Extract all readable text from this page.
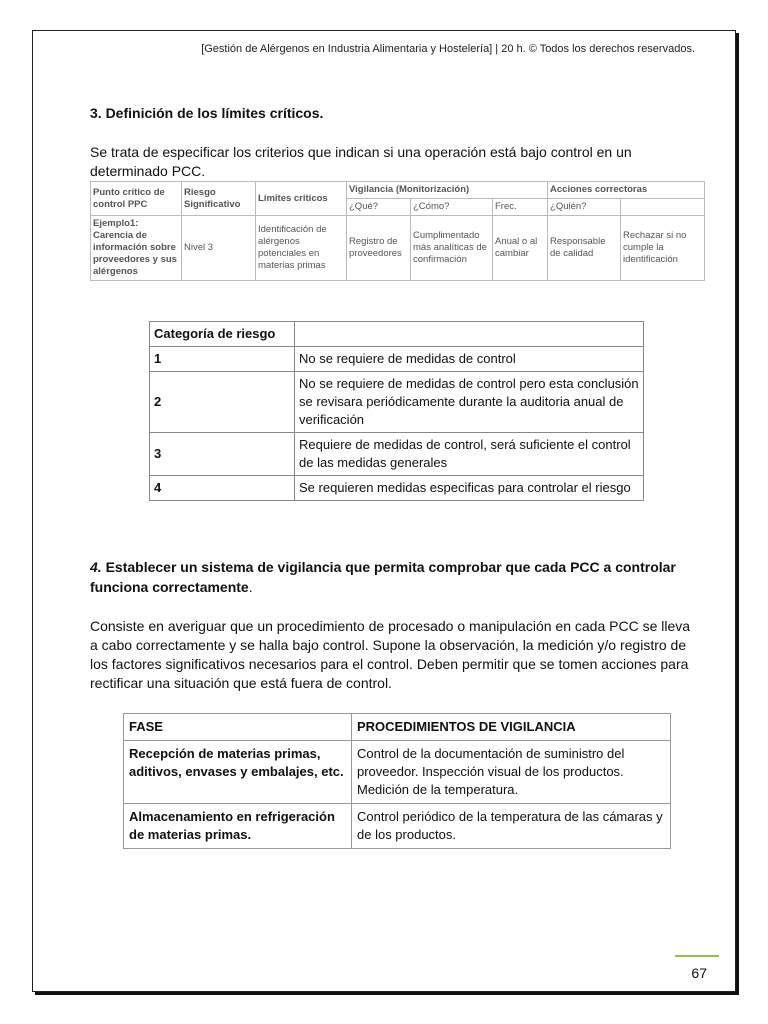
[Gestión de Alérgenos en Industria Alimentaria y Hostelería] | 20 h. © Todos los derechos reservados.

3. Definición de los límites críticos.

Se trata de especificar los criterios que indican si una operación está bajo control en un determinado PCC.

Punto crítico de control PPC	Riesgo Significativo	Límites críticos	Vigilancia (Monitorización)			Acciones correctoras	
			¿Qué?	¿Cómo?	Frec.	¿Quién?	
Ejemplo1: Carencia de información sobre proveedores y sus alérgenos	Nivel 3	Identificación de alérgenos potenciales en materias primas	Registro de proveedores	Cumplimentado más analíticas de confirmación	Anual o al cambiar	Responsable de calidad	Rechazar si no cumple la identificación
Categoría de riesgo	
1	No se requiere de medidas de control
2	No se requiere de medidas de control pero esta conclusión se revisara periódicamente durante la auditoria anual de verificación
3	Requiere de medidas de control, será suficiente el control de las medidas generales
4	Se requieren medidas especificas para controlar el riesgo

4. Establecer un sistema de vigilancia que permita comprobar que cada PCC a controlar funciona correctamente.

Consiste en averiguar que un procedimiento de procesado o manipulación en cada PCC se lleva a cabo correctamente y se halla bajo control. Supone la observación, la medición y/o registro de los factores significativos necesarios para el control. Deben permitir que se tomen acciones para rectificar una situación que está fuera de control.

FASE	PROCEDIMIENTOS DE VIGILANCIA
Recepción de materias primas, aditivos, envases y embalajes, etc.	Control de la documentación de suministro del proveedor. Inspección visual de los productos. Medición de la temperatura.
Almacenamiento en refrigeración de materias primas.	Control periódico de la temperatura de las cámaras y de los productos.
67
